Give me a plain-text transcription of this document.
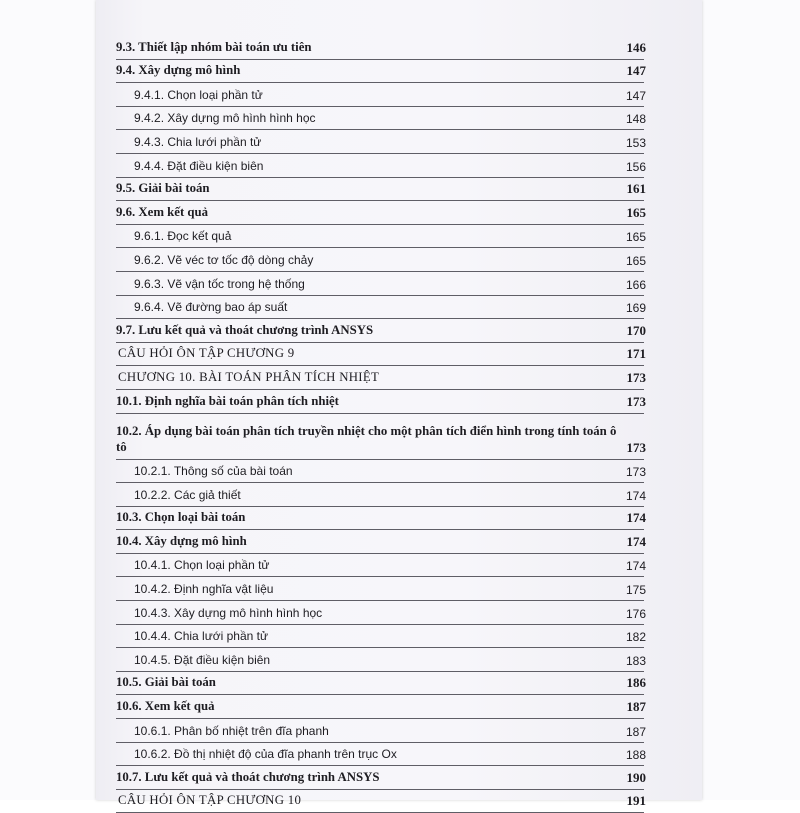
9.3. Thiết lập nhóm bài toán ưu tiên	146
9.4. Xây dựng mô hình	147
9.4.1. Chọn loại phần tử	147
9.4.2. Xây dựng mô hình hình học	148
9.4.3. Chia lưới phần tử	153
9.4.4. Đặt điều kiện biên	156
9.5. Giải bài toán	161
9.6. Xem kết quả	165
9.6.1. Đọc kết quả	165
9.6.2. Vẽ véc tơ tốc độ dòng chảy	165
9.6.3. Vẽ vận tốc trong hệ thống	166
9.6.4. Vẽ đường bao áp suất	169
9.7. Lưu kết quả và thoát chương trình ANSYS	170
CÂU HỎI ÔN TẬP CHƯƠNG 9	171
CHƯƠNG 10. BÀI TOÁN PHÂN TÍCH NHIỆT	173
10.1. Định nghĩa bài toán phân tích nhiệt	173
10.2. Áp dụng bài toán phân tích truyền nhiệt cho một phân tích điển hình trong tính toán ô tô	173
10.2.1. Thông số của bài toán	173
10.2.2. Các giả thiết	174
10.3. Chọn loại bài toán	174
10.4. Xây dựng mô hình	174
10.4.1. Chọn loại phần tử	174
10.4.2. Định nghĩa vật liệu	175
10.4.3. Xây dựng mô hình hình học	176
10.4.4. Chia lưới phần tử	182
10.4.5. Đặt điều kiện biên	183
10.5. Giải bài toán	186
10.6. Xem kết quả	187
10.6.1. Phân bố nhiệt trên đĩa phanh	187
10.6.2. Đồ thị nhiệt độ của đĩa phanh trên trục Ox	188
10.7. Lưu kết quả và thoát chương trình ANSYS	190
CÂU HỎI ÔN TẬP CHƯƠNG 10	191
